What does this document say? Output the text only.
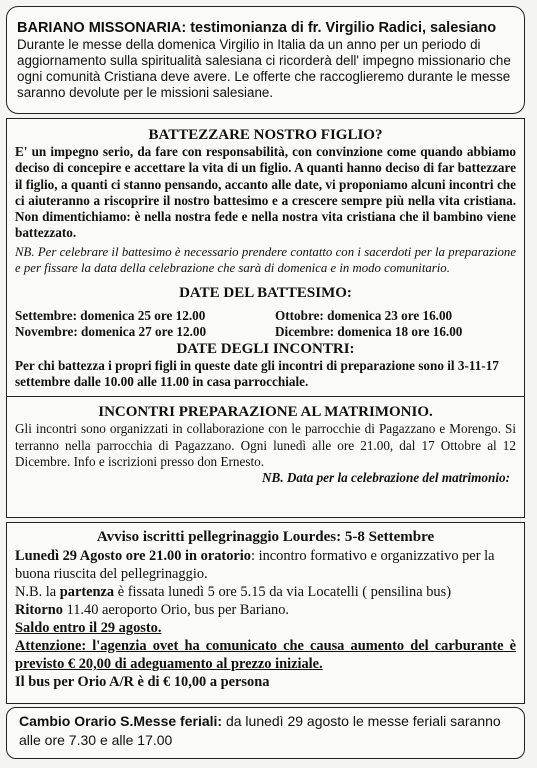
BARIANO MISSONARIA: testimonianza di fr. Virgilio Radici, salesiano
Durante le messe della domenica Virgilio in Italia da un anno per un periodo di aggiornamento sulla spiritualità salesiana ci ricorderà dell' impegno missionario che ogni comunità Cristiana deve avere. Le offerte che raccoglieremo durante le messe saranno devolute per le missioni salesiane.
BATTEZZARE NOSTRO FIGLIO?
E' un impegno serio, da fare con responsabilità, con convinzione come quando abbiamo deciso di concepire e accettare la vita di un figlio. A quanti hanno deciso di far battezzare il figlio, a quanti ci stanno pensando, accanto alle date, vi proponiamo alcuni incontri che ci aiuteranno a riscoprire il nostro battesimo e a crescere sempre più nella vita cristiana. Non dimentichiamo: è nella nostra fede e nella nostra vita cristiana che il bambino viene battezzato.
NB. Per celebrare il battesimo è necessario prendere contatto con i sacerdoti per la preparazione e per fissare la data della celebrazione che sarà di domenica e in modo comunitario.
DATE DEL BATTESIMO:
Settembre: domenica 25 ore 12.00	Ottobre: domenica 23 ore 16.00
Novembre: domenica 27 ore 12.00	Dicembre: domenica 18 ore 16.00
DATE DEGLI INCONTRI:
Per chi battezza i propri figli in queste date gli incontri di preparazione sono il 3-11-17 settembre dalle 10.00 alle 11.00 in casa parrocchiale.
INCONTRI PREPARAZIONE AL MATRIMONIO.
Gli incontri sono organizzati in collaborazione con le parrocchie di Pagazzano e Morengo. Si terranno nella parrocchia di Pagazzano. Ogni lunedì alle ore 21.00, dal 17 Ottobre al 12 Dicembre. Info e iscrizioni presso don Ernesto.
NB. Data per la celebrazione del matrimonio:
Avviso iscritti pellegrinaggio Lourdes: 5-8 Settembre
Lunedì 29 Agosto ore 21.00 in oratorio: incontro formativo e organizzativo per la buona riuscita del pellegrinaggio.
N.B. la partenza è fissata lunedì 5 ore 5.15 da via Locatelli ( pensilina bus)
Ritorno 11.40 aeroporto Orio, bus per Bariano.
Saldo entro il 29 agosto.
Attenzione: l'agenzia ovet ha comunicato che causa aumento del carburante è previsto € 20,00 di adeguamento al prezzo iniziale.
Il bus per Orio A/R è di € 10,00 a persona
Cambio Orario S.Messe feriali: da lunedì 29 agosto le messe feriali saranno alle ore 7.30 e alle 17.00
